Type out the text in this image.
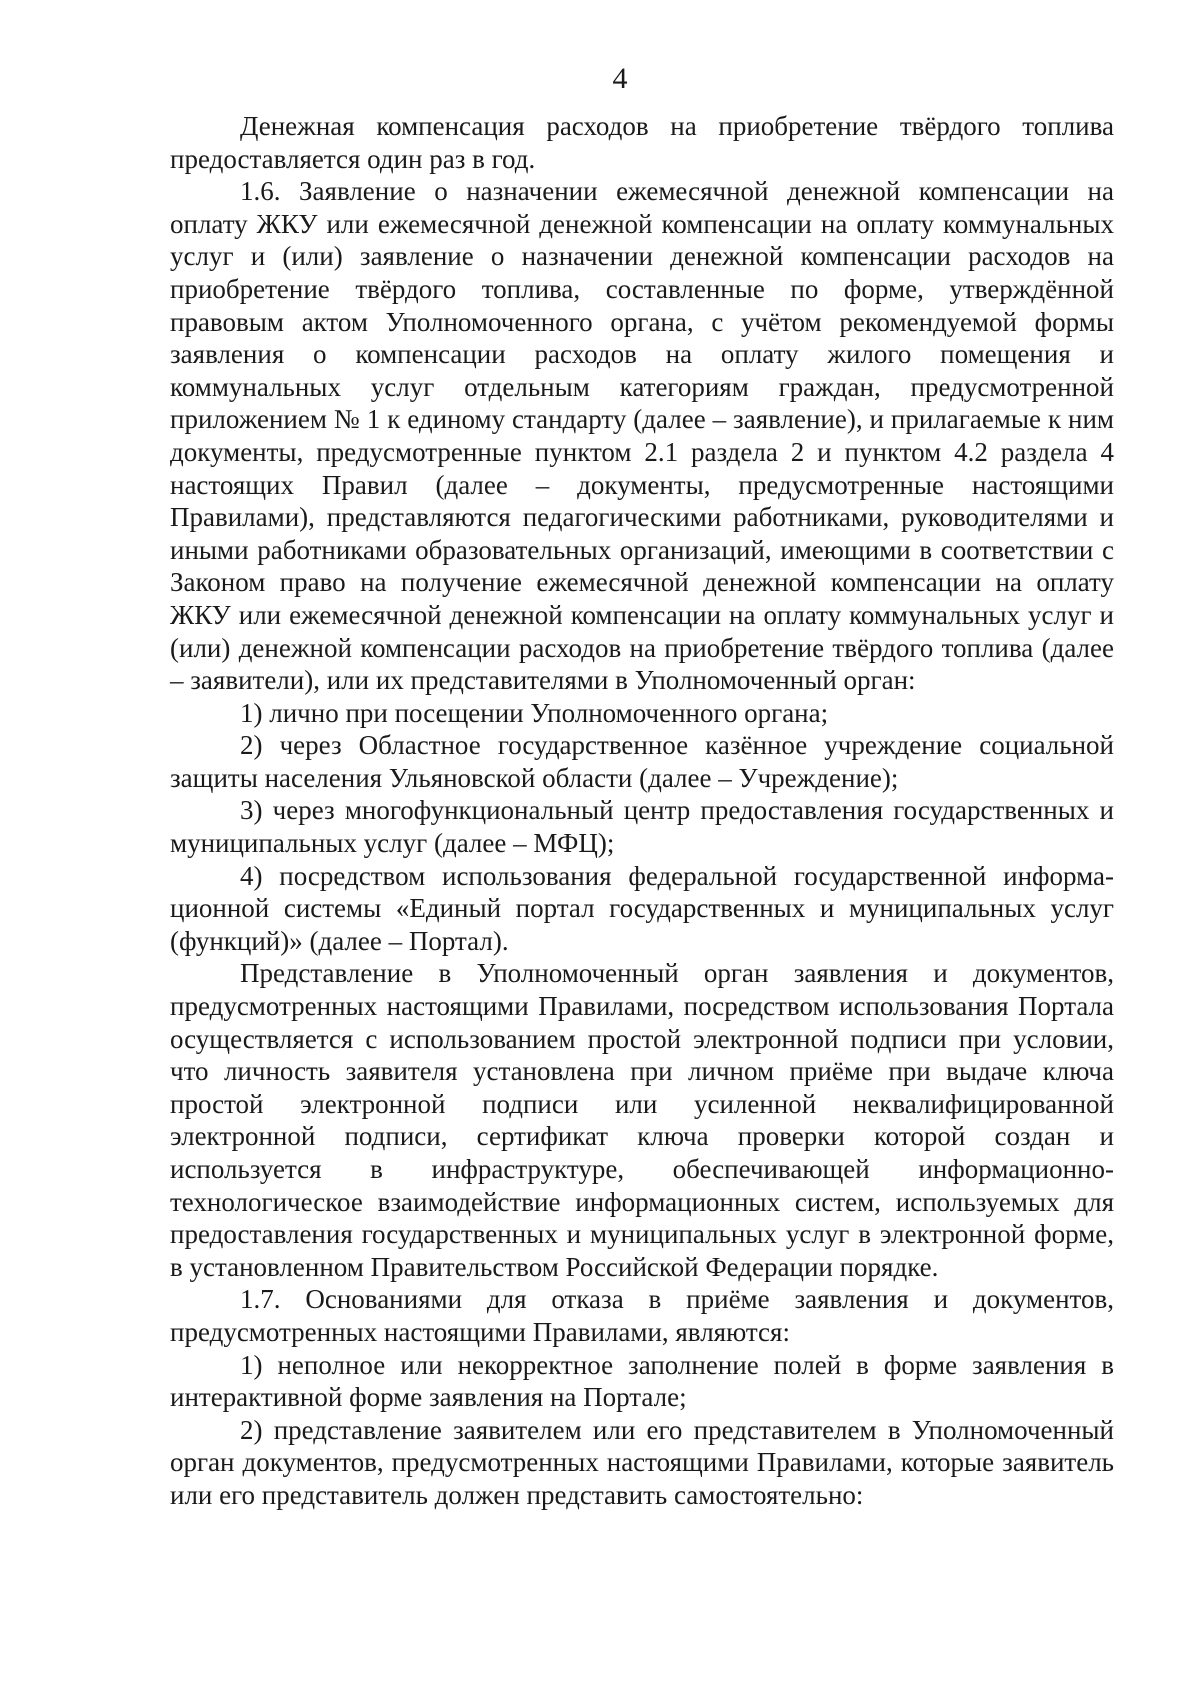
4

Денежная компенсация расходов на приобретение твёрдого топлива предоставляется один раз в год.

1.6. Заявление о назначении ежемесячной денежной компенсации на оплату ЖКУ или ежемесячной денежной компенсации на оплату коммунальных услуг и (или) заявление о назначении денежной компенсации расходов на приобретение твёрдого топлива, составленные по форме, утверждённой правовым актом Уполномоченного органа, с учётом рекомендуемой формы заявления о компенсации расходов на оплату жилого помещения и коммунальных услуг отдельным категориям граждан, предусмотренной приложением № 1 к единому стандарту (далее – заявление), и прилагаемые к ним документы, предусмотренные пунктом 2.1 раздела 2 и пунктом 4.2 раздела 4 настоящих Правил (далее – документы, предусмотренные настоящими Правилами), представляются педагогическими работниками, руководителями и иными работниками образовательных организаций, имеющими в соответствии с Законом право на получение ежемесячной денежной компенсации на оплату ЖКУ или ежемесячной денежной компенсации на оплату коммунальных услуг и (или) денежной компенсации расходов на приобретение твёрдого топлива (далее – заявители), или их представителями в Уполномоченный орган:

1) лично при посещении Уполномоченного органа;

2) через Областное государственное казённое учреждение социальной защиты населения Ульяновской области (далее – Учреждение);

3) через многофункциональный центр предоставления государственных и муниципальных услуг (далее – МФЦ);

4) посредством использования федеральной государственной информационной системы «Единый портал государственных и муниципальных услуг (функций)» (далее – Портал).

Представление в Уполномоченный орган заявления и документов, предусмотренных настоящими Правилами, посредством использования Портала осуществляется с использованием простой электронной подписи при условии, что личность заявителя установлена при личном приёме при выдаче ключа простой электронной подписи или усиленной неквалифицированной электронной подписи, сертификат ключа проверки которой создан и используется в инфраструктуре, обеспечивающей информационно-технологическое взаимодействие информационных систем, используемых для предоставления государственных и муниципальных услуг в электронной форме, в установленном Правительством Российской Федерации порядке.

1.7. Основаниями для отказа в приёме заявления и документов, предусмотренных настоящими Правилами, являются:

1) неполное или некорректное заполнение полей в форме заявления в интерактивной форме заявления на Портале;

2) представление заявителем или его представителем в Уполномоченный орган документов, предусмотренных настоящими Правилами, которые заявитель или его представитель должен представить самостоятельно:
